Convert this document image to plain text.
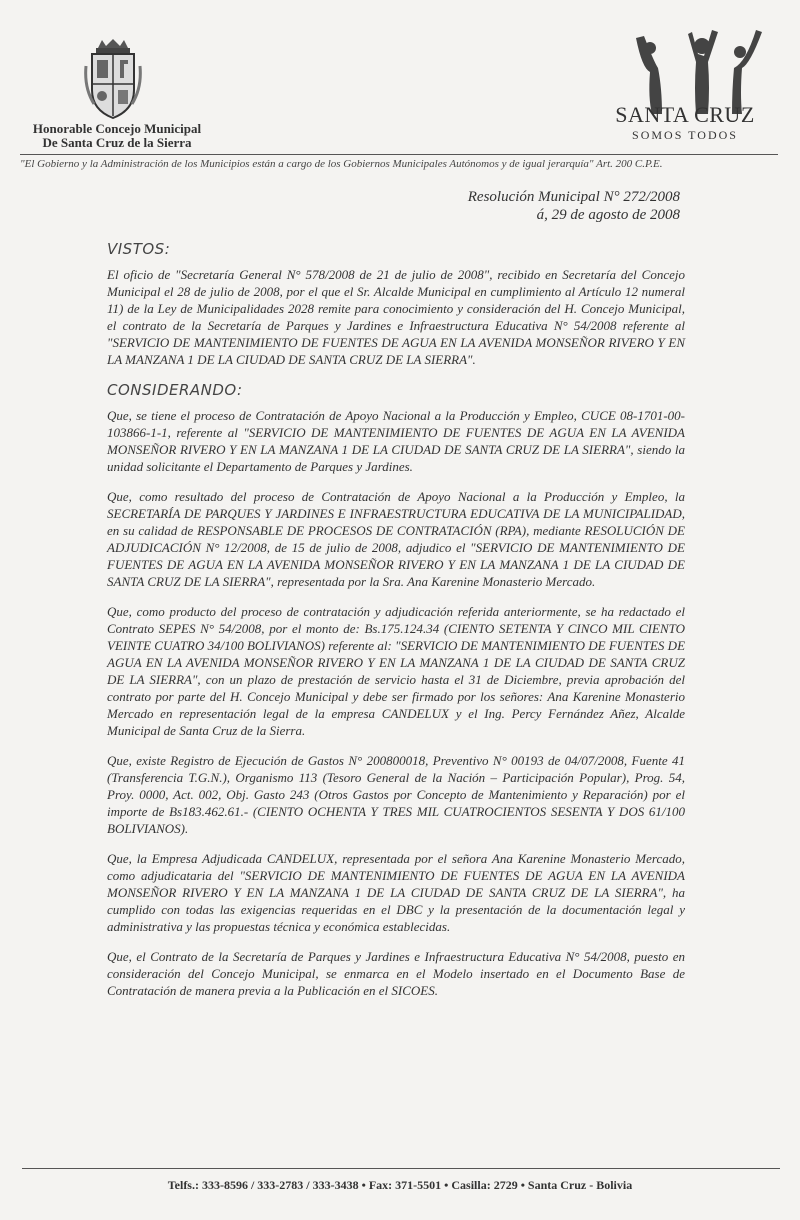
Honorable Concejo Municipal
De Santa Cruz de la Sierra
SANTA CRUZ
SOMOS TODOS
"El Gobierno y la Administración de los Municipios están a cargo de los Gobiernos Municipales Autónomos y de igual jerarquía" Art. 200 C.P.E.
Resolución Municipal N° 272/2008
á, 29 de agosto de 2008
VISTOS:

El oficio de "Secretaría General N° 578/2008 de 21 de julio de 2008", recibido en Secretaría del Concejo Municipal el 28 de julio de 2008, por el que el Sr. Alcalde Municipal en cumplimiento al Artículo 12 numeral 11) de la Ley de Municipalidades 2028 remite para conocimiento y consideración del H. Concejo Municipal, el contrato de la Secretaría de Parques y Jardines e Infraestructura Educativa N° 54/2008 referente al "SERVICIO DE MANTENIMIENTO DE FUENTES DE AGUA EN LA AVENIDA MONSEÑOR RIVERO Y EN LA MANZANA 1 DE LA CIUDAD DE SANTA CRUZ DE LA SIERRA".

CONSIDERANDO:

Que, se tiene el proceso de Contratación de Apoyo Nacional a la Producción y Empleo, CUCE 08-1701-00-103866-1-1, referente al "SERVICIO DE MANTENIMIENTO DE FUENTES DE AGUA EN LA AVENIDA MONSEÑOR RIVERO Y EN LA MANZANA 1 DE LA CIUDAD DE SANTA CRUZ DE LA SIERRA", siendo la unidad solicitante el Departamento de Parques y Jardines.

Que, como resultado del proceso de Contratación de Apoyo Nacional a la Producción y Empleo, la SECRETARÍA DE PARQUES Y JARDINES E INFRAESTRUCTURA EDUCATIVA DE LA MUNICIPALIDAD, en su calidad de RESPONSABLE DE PROCESOS DE CONTRATACIÓN (RPA), mediante RESOLUCIÓN DE ADJUDICACIÓN N° 12/2008, de 15 de julio de 2008, adjudico el "SERVICIO DE MANTENIMIENTO DE FUENTES DE AGUA EN LA AVENIDA MONSEÑOR RIVERO Y EN LA MANZANA 1 DE LA CIUDAD DE SANTA CRUZ DE LA SIERRA", representada por la Sra. Ana Karenine Monasterio Mercado.

Que, como producto del proceso de contratación y adjudicación referida anteriormente, se ha redactado el Contrato SEPES N° 54/2008, por el monto de: Bs.175.124.34 (CIENTO SETENTA Y CINCO MIL CIENTO VEINTE CUATRO 34/100 BOLIVIANOS) referente al: "SERVICIO DE MANTENIMIENTO DE FUENTES DE AGUA EN LA AVENIDA MONSEÑOR RIVERO Y EN LA MANZANA 1 DE LA CIUDAD DE SANTA CRUZ DE LA SIERRA", con un plazo de prestación de servicio hasta el 31 de Diciembre, previa aprobación del contrato por parte del H. Concejo Municipal y debe ser firmado por los señores: Ana Karenine Monasterio Mercado en representación legal de la empresa CANDELUX y el Ing. Percy Fernández Añez, Alcalde Municipal de Santa Cruz de la Sierra.

Que, existe Registro de Ejecución de Gastos N° 200800018, Preventivo N° 00193 de 04/07/2008, Fuente 41 (Transferencia T.G.N.), Organismo 113 (Tesoro General de la Nación – Participación Popular), Prog. 54, Proy. 0000, Act. 002, Obj. Gasto 243 (Otros Gastos por Concepto de Mantenimiento y Reparación) por el importe de Bs183.462.61.- (CIENTO OCHENTA Y TRES MIL CUATROCIENTOS SESENTA Y DOS 61/100 BOLIVIANOS).

Que, la Empresa Adjudicada CANDELUX, representada por el señora Ana Karenine Monasterio Mercado, como adjudicataria del "SERVICIO DE MANTENIMIENTO DE FUENTES DE AGUA EN LA AVENIDA MONSEÑOR RIVERO Y EN LA MANZANA 1 DE LA CIUDAD DE SANTA CRUZ DE LA SIERRA", ha cumplido con todas las exigencias requeridas en el DBC y la presentación de la documentación legal y administrativa y las propuestas técnica y económica establecidas.

Que, el Contrato de la Secretaría de Parques y Jardines e Infraestructura Educativa N° 54/2008, puesto en consideración del Concejo Municipal, se enmarca en el Modelo insertado en el Documento Base de Contratación de manera previa a la Publicación en el SICOES.

Telfs.: 333-8596 / 333-2783 / 333-3438 • Fax: 371-5501 • Casilla: 2729 • Santa Cruz - Bolivia
